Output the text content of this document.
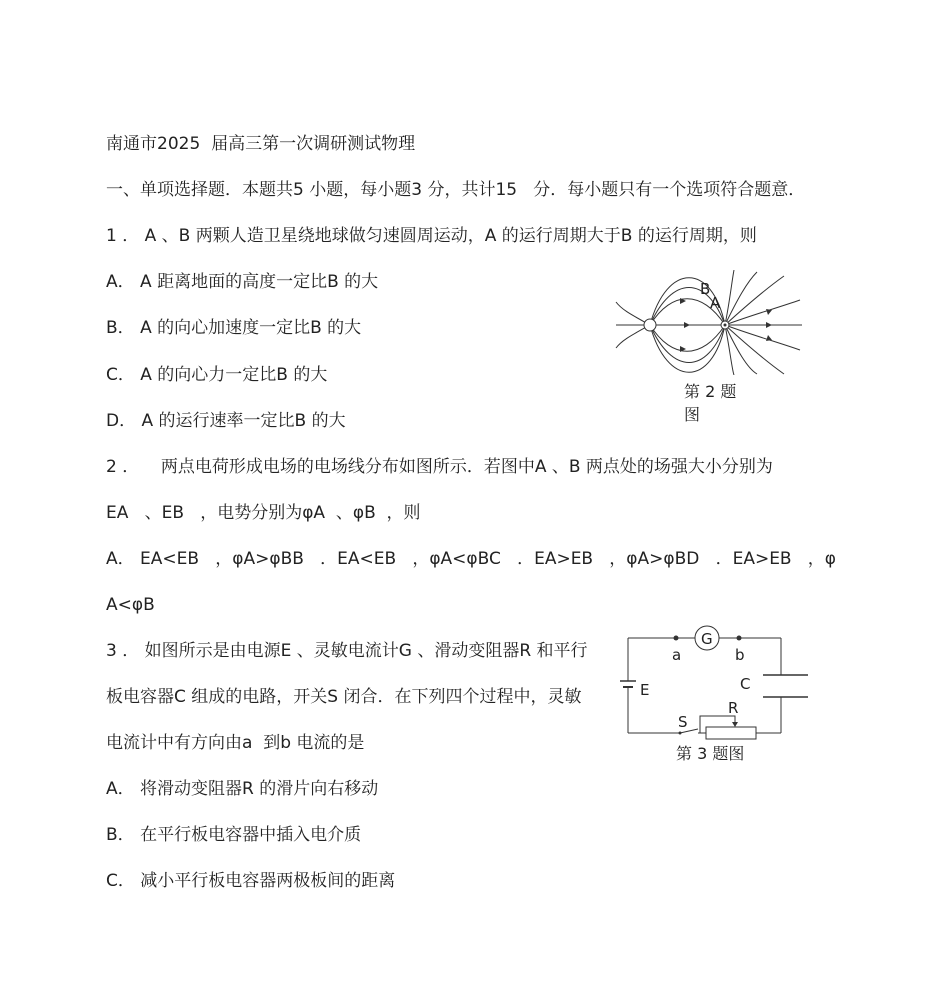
南通市2025  届高三第一次调研测试物理
一、单项选择题．本题共5 小题，每小题3 分，共计15   分．每小题只有一个选项符合题意．
1 ． A 、B 两颗人造卫星绕地球做匀速圆周运动，A 的运行周期大于B 的运行周期，则
A． A 距离地面的高度一定比B 的大
B． A 的向心加速度一定比B 的大
C． A 的向心力一定比B 的大
D． A 的运行速率一定比B 的大
B
A
第 2 题
图
2 ．    两点电荷形成电场的电场线分布如图所示．若图中A 、B 两点处的场强大小分别为
EA   、EB   ，电势分别为φA  、φB  ，则
A． EA<EB   ，φA>φBB   ．EA<EB   ，φA<φBC   ．EA>EB   ，φA>φBD   ．EA>EB   ，φ
A<φB
G
a	b
E	C
R
S
第 3 题图
3 ． 如图所示是由电源E 、灵敏电流计G 、滑动变阻器R 和平行
板电容器C 组成的电路，开关S 闭合．在下列四个过程中，灵敏
电流计中有方向由a  到b 电流的是
A． 将滑动变阻器R 的滑片向右移动
B． 在平行板电容器中插入电介质
C． 减小平行板电容器两极板间的距离
